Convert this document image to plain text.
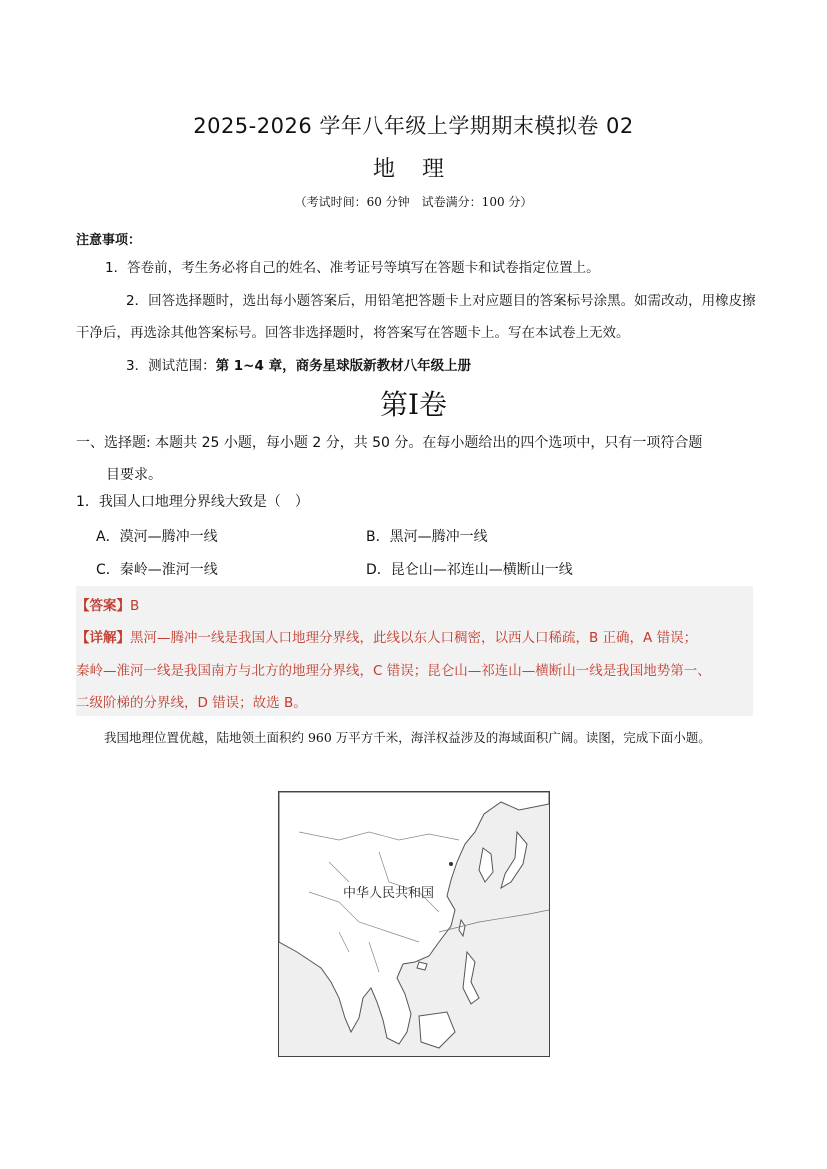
2025-2026 学年八年级上学期期末模拟卷 02
地 理
（考试时间：60 分钟　试卷满分：100 分）
注意事项：
1．答卷前，考生务必将自己的姓名、准考证号等填写在答题卡和试卷指定位置上。
2．回答选择题时，选出每小题答案后，用铅笔把答题卡上对应题目的答案标号涂黑。如需改动，用橡皮擦干净后，再选涂其他答案标号。回答非选择题时，将答案写在答题卡上。写在本试卷上无效。
3．测试范围：第 1~4 章，商务星球版新教材八年级上册
第I卷
一、选择题: 本题共 25 小题，每小题 2 分，共 50 分。在每小题给出的四个选项中，只有一项符合题
目要求。
1．我国人口地理分界线大致是（　）
A．漠河—腾冲一线	B．黑河—腾冲一线
C．秦岭—淮河一线	D．昆仑山—祁连山—横断山一线
【答案】B
【详解】黑河—腾冲一线是我国人口地理分界线，此线以东人口稠密，以西人口稀疏，B 正确，A 错误；
秦岭—淮河一线是我国南方与北方的地理分界线，C 错误；昆仑山—祁连山—横断山一线是我国地势第一、
二级阶梯的分界线，D 错误；故选 B。
我国地理位置优越，陆地领土面积约 960 万平方千米，海洋权益涉及的海域面积广阔。读图，完成下面小题。
中华人民共和国
